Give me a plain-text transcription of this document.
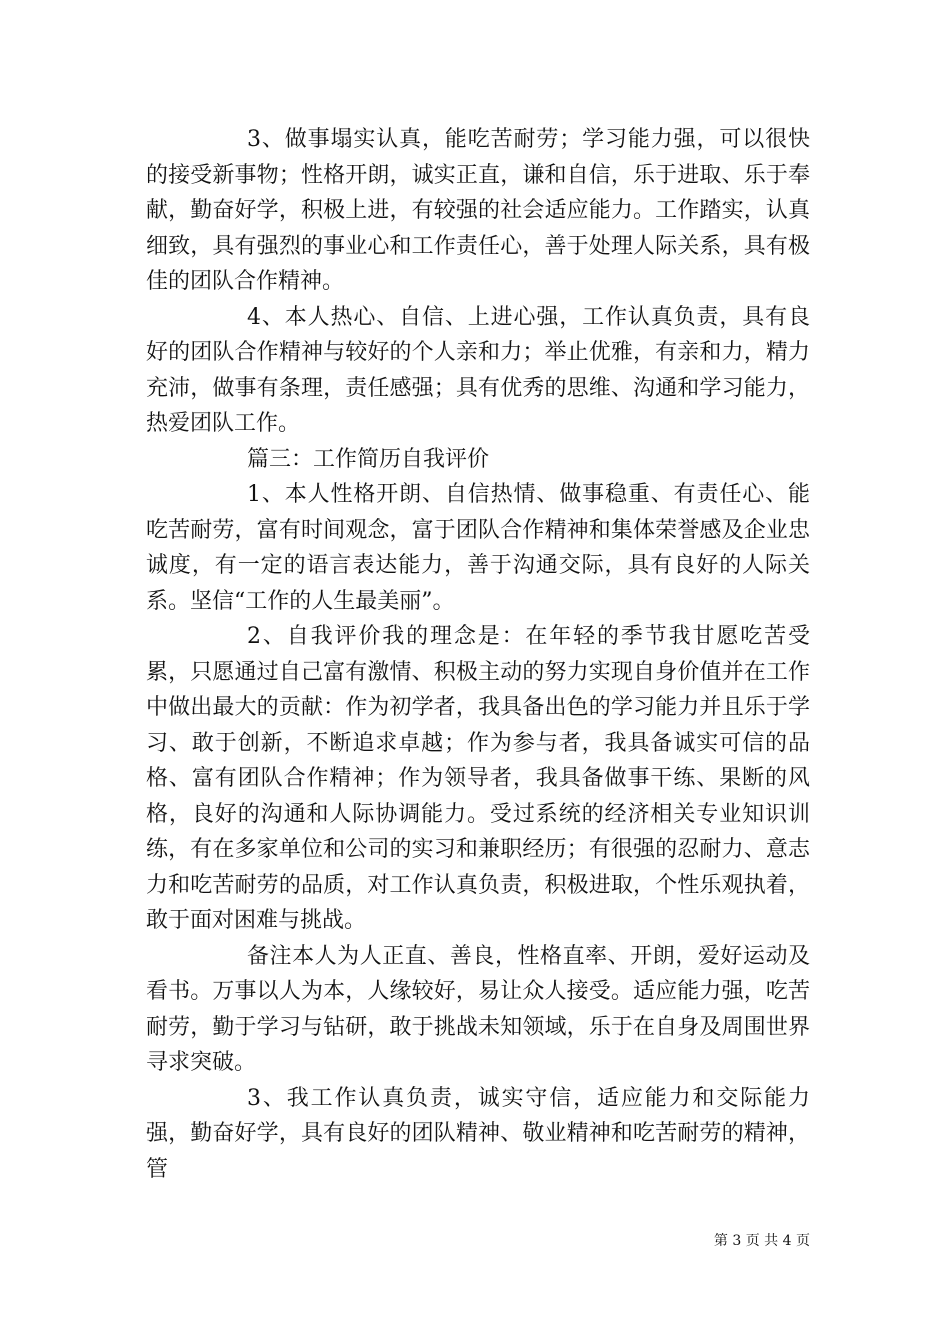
3、做事塌实认真，能吃苦耐劳；学习能力强，可以很快的接受新事物；性格开朗，诚实正直，谦和自信，乐于进取、乐于奉献，勤奋好学，积极上进，有较强的社会适应能力。工作踏实，认真细致，具有强烈的事业心和工作责任心，善于处理人际关系，具有极佳的团队合作精神。

4、本人热心、自信、上进心强，工作认真负责，具有良好的团队合作精神与较好的个人亲和力；举止优雅，有亲和力，精力充沛，做事有条理，责任感强；具有优秀的思维、沟通和学习能力，热爱团队工作。

篇三：工作简历自我评价

1、本人性格开朗、自信热情、做事稳重、有责任心、能吃苦耐劳，富有时间观念，富于团队合作精神和集体荣誉感及企业忠诚度，有一定的语言表达能力，善于沟通交际，具有良好的人际关系。坚信“工作的人生最美丽”。

2、自我评价我的理念是：在年轻的季节我甘愿吃苦受累，只愿通过自己富有激情、积极主动的努力实现自身价值并在工作中做出最大的贡献：作为初学者，我具备出色的学习能力并且乐于学习、敢于创新，不断追求卓越；作为参与者，我具备诚实可信的品格、富有团队合作精神；作为领导者，我具备做事干练、果断的风格，良好的沟通和人际协调能力。受过系统的经济相关专业知识训练，有在多家单位和公司的实习和兼职经历；有很强的忍耐力、意志力和吃苦耐劳的品质，对工作认真负责，积极进取，个性乐观执着，敢于面对困难与挑战。

备注本人为人正直、善良，性格直率、开朗，爱好运动及看书。万事以人为本，人缘较好，易让众人接受。适应能力强，吃苦耐劳，勤于学习与钻研，敢于挑战未知领域，乐于在自身及周围世界寻求突破。

3、我工作认真负责，诚实守信，适应能力和交际能力强，勤奋好学，具有良好的团队精神、敬业精神和吃苦耐劳的精神，管

第 3 页 共 4 页
